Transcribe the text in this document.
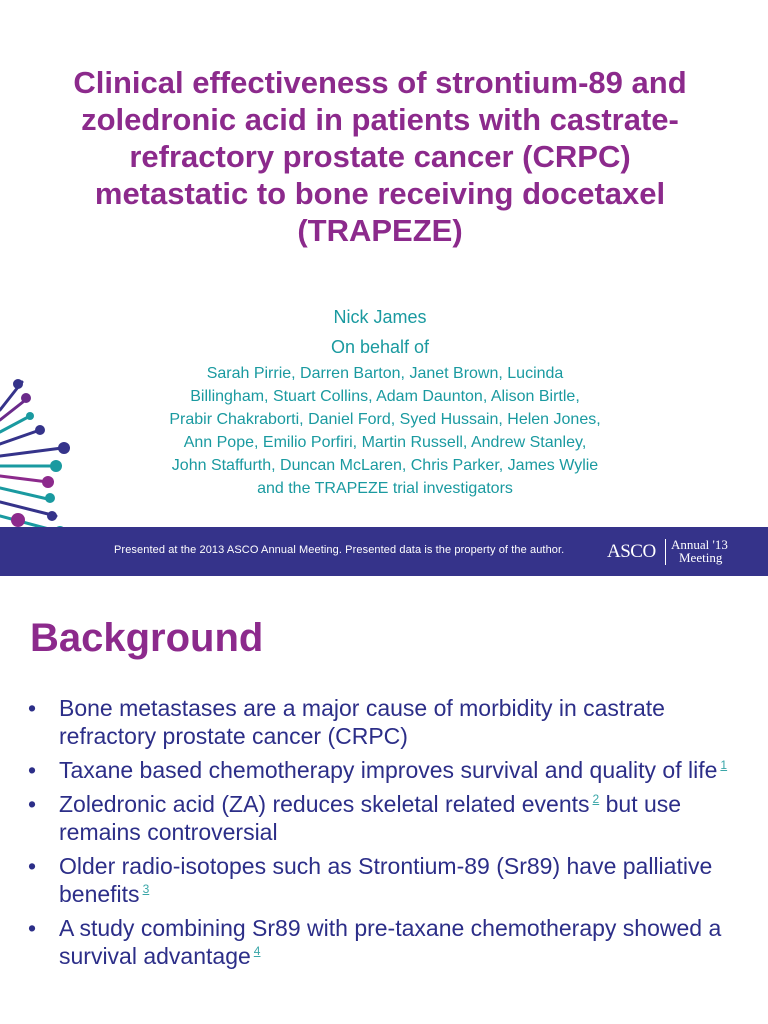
Clinical effectiveness of strontium-89 and
zoledronic acid in patients with castrate-
refractory prostate cancer (CRPC)
metastatic to bone receiving docetaxel
(TRAPEZE)
Nick James
On behalf of
Sarah Pirrie, Darren Barton, Janet Brown, Lucinda
Billingham, Stuart Collins, Adam Daunton, Alison Birtle,
Prabir Chakraborti, Daniel Ford, Syed Hussain, Helen Jones,
Ann Pope, Emilio Porfiri, Martin Russell, Andrew Stanley,
John Staffurth, Duncan McLaren, Chris Parker, James Wylie
and the TRAPEZE trial investigators
Presented at the 2013 ASCO Annual Meeting. Presented data is the property of the author. ASCO Annual '13
Meeting
Background
• Bone metastases are a major cause of morbidity in castrate refractory prostate cancer (CRPC)
• Taxane based chemotherapy improves survival and quality of life $^1$
• Zoledronic acid (ZA) reduces skeletal related events $^2$ but use remains controversial
• Older radio-isotopes such as Strontium-89 (Sr89) have palliative benefits $^3$
• A study combining Sr89 with pre-taxane chemotherapy showed a survival advantage $^4$
